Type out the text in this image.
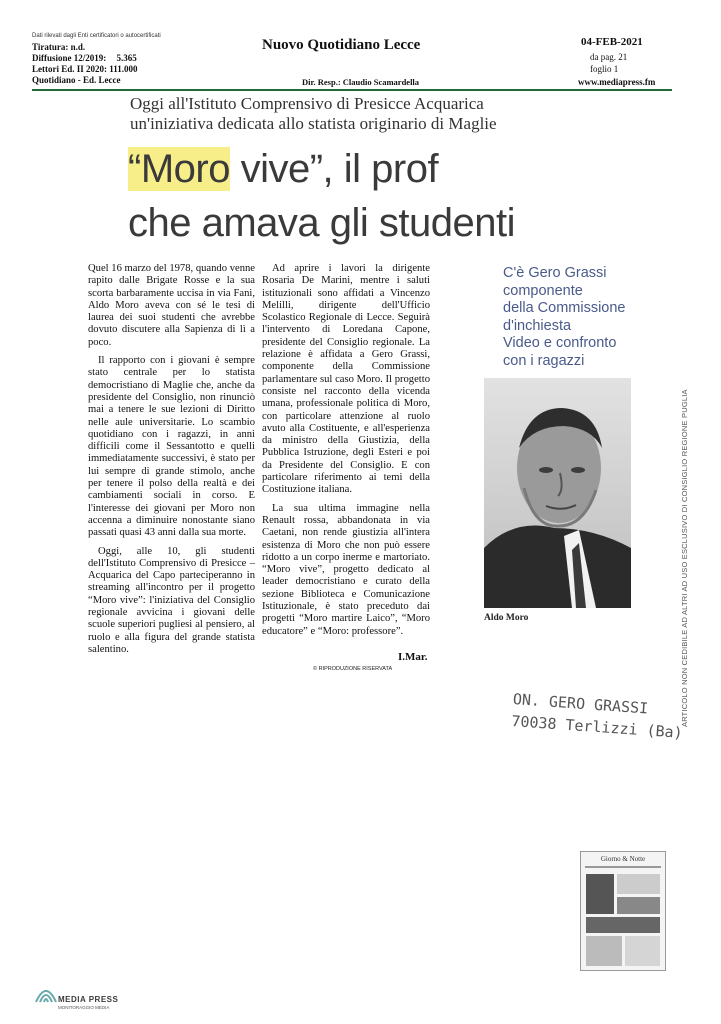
Dati rilevati dagli Enti certificatori o autocertificati
Tiratura: n.d.
Diffusione 12/2019: 5.365
Lettori Ed. II 2020: 111.000
Quotidiano - Ed. Lecce
Nuovo Quotidiano Lecce
Dir. Resp.: Claudio Scamardella
04-FEB-2021
da pag. 21
foglio 1
www.mediapress.fm
Oggi all'Istituto Comprensivo di Presicce Acquarica
un'iniziativa dedicata allo statista originario di Maglie
“Moro vive”, il prof
che amava gli studenti

Quel 16 marzo del 1978, quando venne rapito dalle Brigate Rosse e la sua scorta barbaramente uccisa in via Fani, Aldo Moro aveva con sé le tesi di laurea dei suoi studenti che avrebbe dovuto discutere alla Sapienza di lì a poco.

Il rapporto con i giovani è sempre stato centrale per lo statista democristiano di Maglie che, anche da presidente del Consiglio, non rinunciò mai a tenere le sue lezioni di Diritto nelle aule universitarie. Lo scambio quotidiano con i ragazzi, in anni difficili come il Sessantotto e quelli immediatamente successivi, è stato per lui sempre di grande stimolo, anche per tenere il polso della realtà e dei cambiamenti sociali in corso. E l'interesse dei giovani per Moro non accenna a diminuire nonostante siano passati quasi 43 anni dalla sua morte.

Oggi, alle 10, gli studenti dell'Istituto Comprensivo di Presicce – Acquarica del Capo parteciperanno in streaming all'incontro per il progetto “Moro vive”: l'iniziativa del Consiglio regionale avvicina i giovani delle scuole superiori pugliesi al pensiero, al ruolo e alla figura del grande statista salentino.

Ad aprire i lavori la dirigente Rosaria De Marini, mentre i saluti istituzionali sono affidati a Vincenzo Melilli, dirigente dell'Ufficio Scolastico Regionale di Lecce. Seguirà l'intervento di Loredana Capone, presidente del Consiglio regionale. La relazione è affidata a Gero Grassi, componente della Commissione parlamentare sul caso Moro. Il progetto consiste nel racconto della vicenda umana, professionale politica di Moro, con particolare attenzione al ruolo avuto alla Costituente, e all'esperienza da ministro della Giustizia, della Pubblica Istruzione, degli Esteri e poi da Presidente del Consiglio. E con particolare riferimento ai temi della Costituzione italiana.

La sua ultima immagine nella Renault rossa, abbandonata in via Caetani, non rende giustizia all'intera esistenza di Moro che non può essere ridotto a un corpo inerme e martoriato. “Moro vive”, progetto dedicato al leader democristiano e curato della sezione Biblioteca e Comunicazione Istituzionale, è stato preceduto dai progetti “Moro martire Laico”, “Moro educatore” e “Moro: professore”.

I.Mar.
© RIPRODUZIONE RISERVATA
C'è Gero Grassi
componente
della Commissione
d'inchiesta
Video e confronto
con i ragazzi
Aldo Moro	ARTICOLO NON CEDIBILE AD ALTRI AD USO ESCLUSIVO DI CONSIGLIO REGIONE PUGLIA
ON. GERO GRASSI
70038 Terlizzi (Ba)
Giorno & Notte
MEDIA PRESS
MONITORAGGIO MEDIA
